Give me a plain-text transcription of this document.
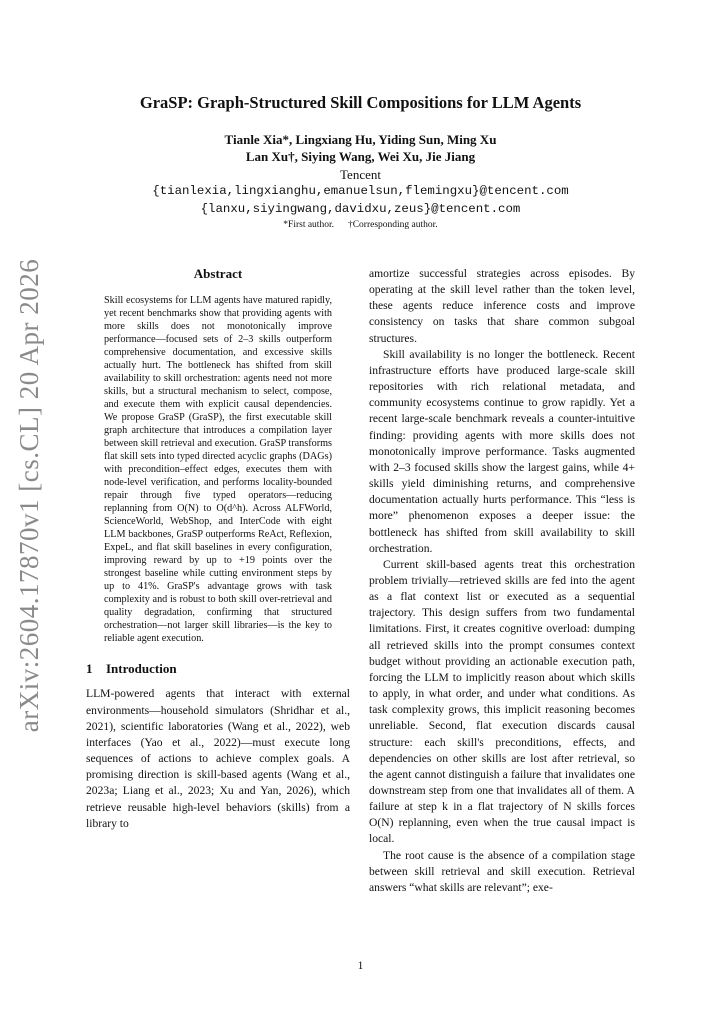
arXiv:2604.17870v1 [cs.CL] 20 Apr 2026
GraSP: Graph-Structured Skill Compositions for LLM Agents
Tianle Xia*, Lingxiang Hu, Yiding Sun, Ming Xu
Lan Xu†, Siying Wang, Wei Xu, Jie Jiang
Tencent
{tianlexia,lingxianghu,emanuelsun,flemingxu}@tencent.com
{lanxu,siyingwang,davidxu,zeus}@tencent.com
*First author. †Corresponding author.
Abstract

Skill ecosystems for LLM agents have matured rapidly, yet recent benchmarks show that providing agents with more skills does not monotonically improve performance—focused sets of 2–3 skills outperform comprehensive documentation, and excessive skills actually hurt. The bottleneck has shifted from skill availability to skill orchestration: agents need not more skills, but a structural mechanism to select, compose, and execute them with explicit causal dependencies. We propose GraSP (GraSP), the first executable skill graph architecture that introduces a compilation layer between skill retrieval and execution. GraSP transforms flat skill sets into typed directed acyclic graphs (DAGs) with precondition–effect edges, executes them with node-level verification, and performs locality-bounded repair through five typed operators—reducing replanning from O(N) to O(d^h). Across ALFWorld, ScienceWorld, WebShop, and InterCode with eight LLM backbones, GraSP outperforms ReAct, Reflexion, ExpeL, and flat skill baselines in every configuration, improving reward by up to +19 points over the strongest baseline while cutting environment steps by up to 41%. GraSP's advantage grows with task complexity and is robust to both skill over-retrieval and quality degradation, confirming that structured orchestration—not larger skill libraries—is the key to reliable agent execution.

1 Introduction

LLM-powered agents that interact with external environments—household simulators (Shridhar et al., 2021), scientific laboratories (Wang et al., 2022), web interfaces (Yao et al., 2022)—must execute long sequences of actions to achieve complex goals. A promising direction is skill-based agents (Wang et al., 2023a; Liang et al., 2023; Xu and Yan, 2026), which retrieve reusable high-level behaviors (skills) from a library to

amortize successful strategies across episodes. By operating at the skill level rather than the token level, these agents reduce inference costs and improve consistency on tasks that share common subgoal structures.

Skill availability is no longer the bottleneck. Recent infrastructure efforts have produced large-scale skill repositories with rich relational metadata, and community ecosystems continue to grow rapidly. Yet a recent large-scale benchmark reveals a counter-intuitive finding: providing agents with more skills does not monotonically improve performance. Tasks augmented with 2–3 focused skills show the largest gains, while 4+ skills yield diminishing returns, and comprehensive documentation actually hurts performance. This “less is more” phenomenon exposes a deeper issue: the bottleneck has shifted from skill availability to skill orchestration.

Current skill-based agents treat this orchestration problem trivially—retrieved skills are fed into the agent as a flat context list or executed as a sequential trajectory. This design suffers from two fundamental limitations. First, it creates cognitive overload: dumping all retrieved skills into the prompt consumes context budget without providing an actionable execution path, forcing the LLM to implicitly reason about which skills to apply, in what order, and under what conditions. As task complexity grows, this implicit reasoning becomes unreliable. Second, flat execution discards causal structure: each skill's preconditions, effects, and dependencies on other skills are lost after retrieval, so the agent cannot distinguish a failure that invalidates one downstream step from one that invalidates all of them. A failure at step k in a flat trajectory of N skills forces O(N) replanning, even when the true causal impact is local.

The root cause is the absence of a compilation stage between skill retrieval and skill execution. Retrieval answers “what skills are relevant”; exe-

1
